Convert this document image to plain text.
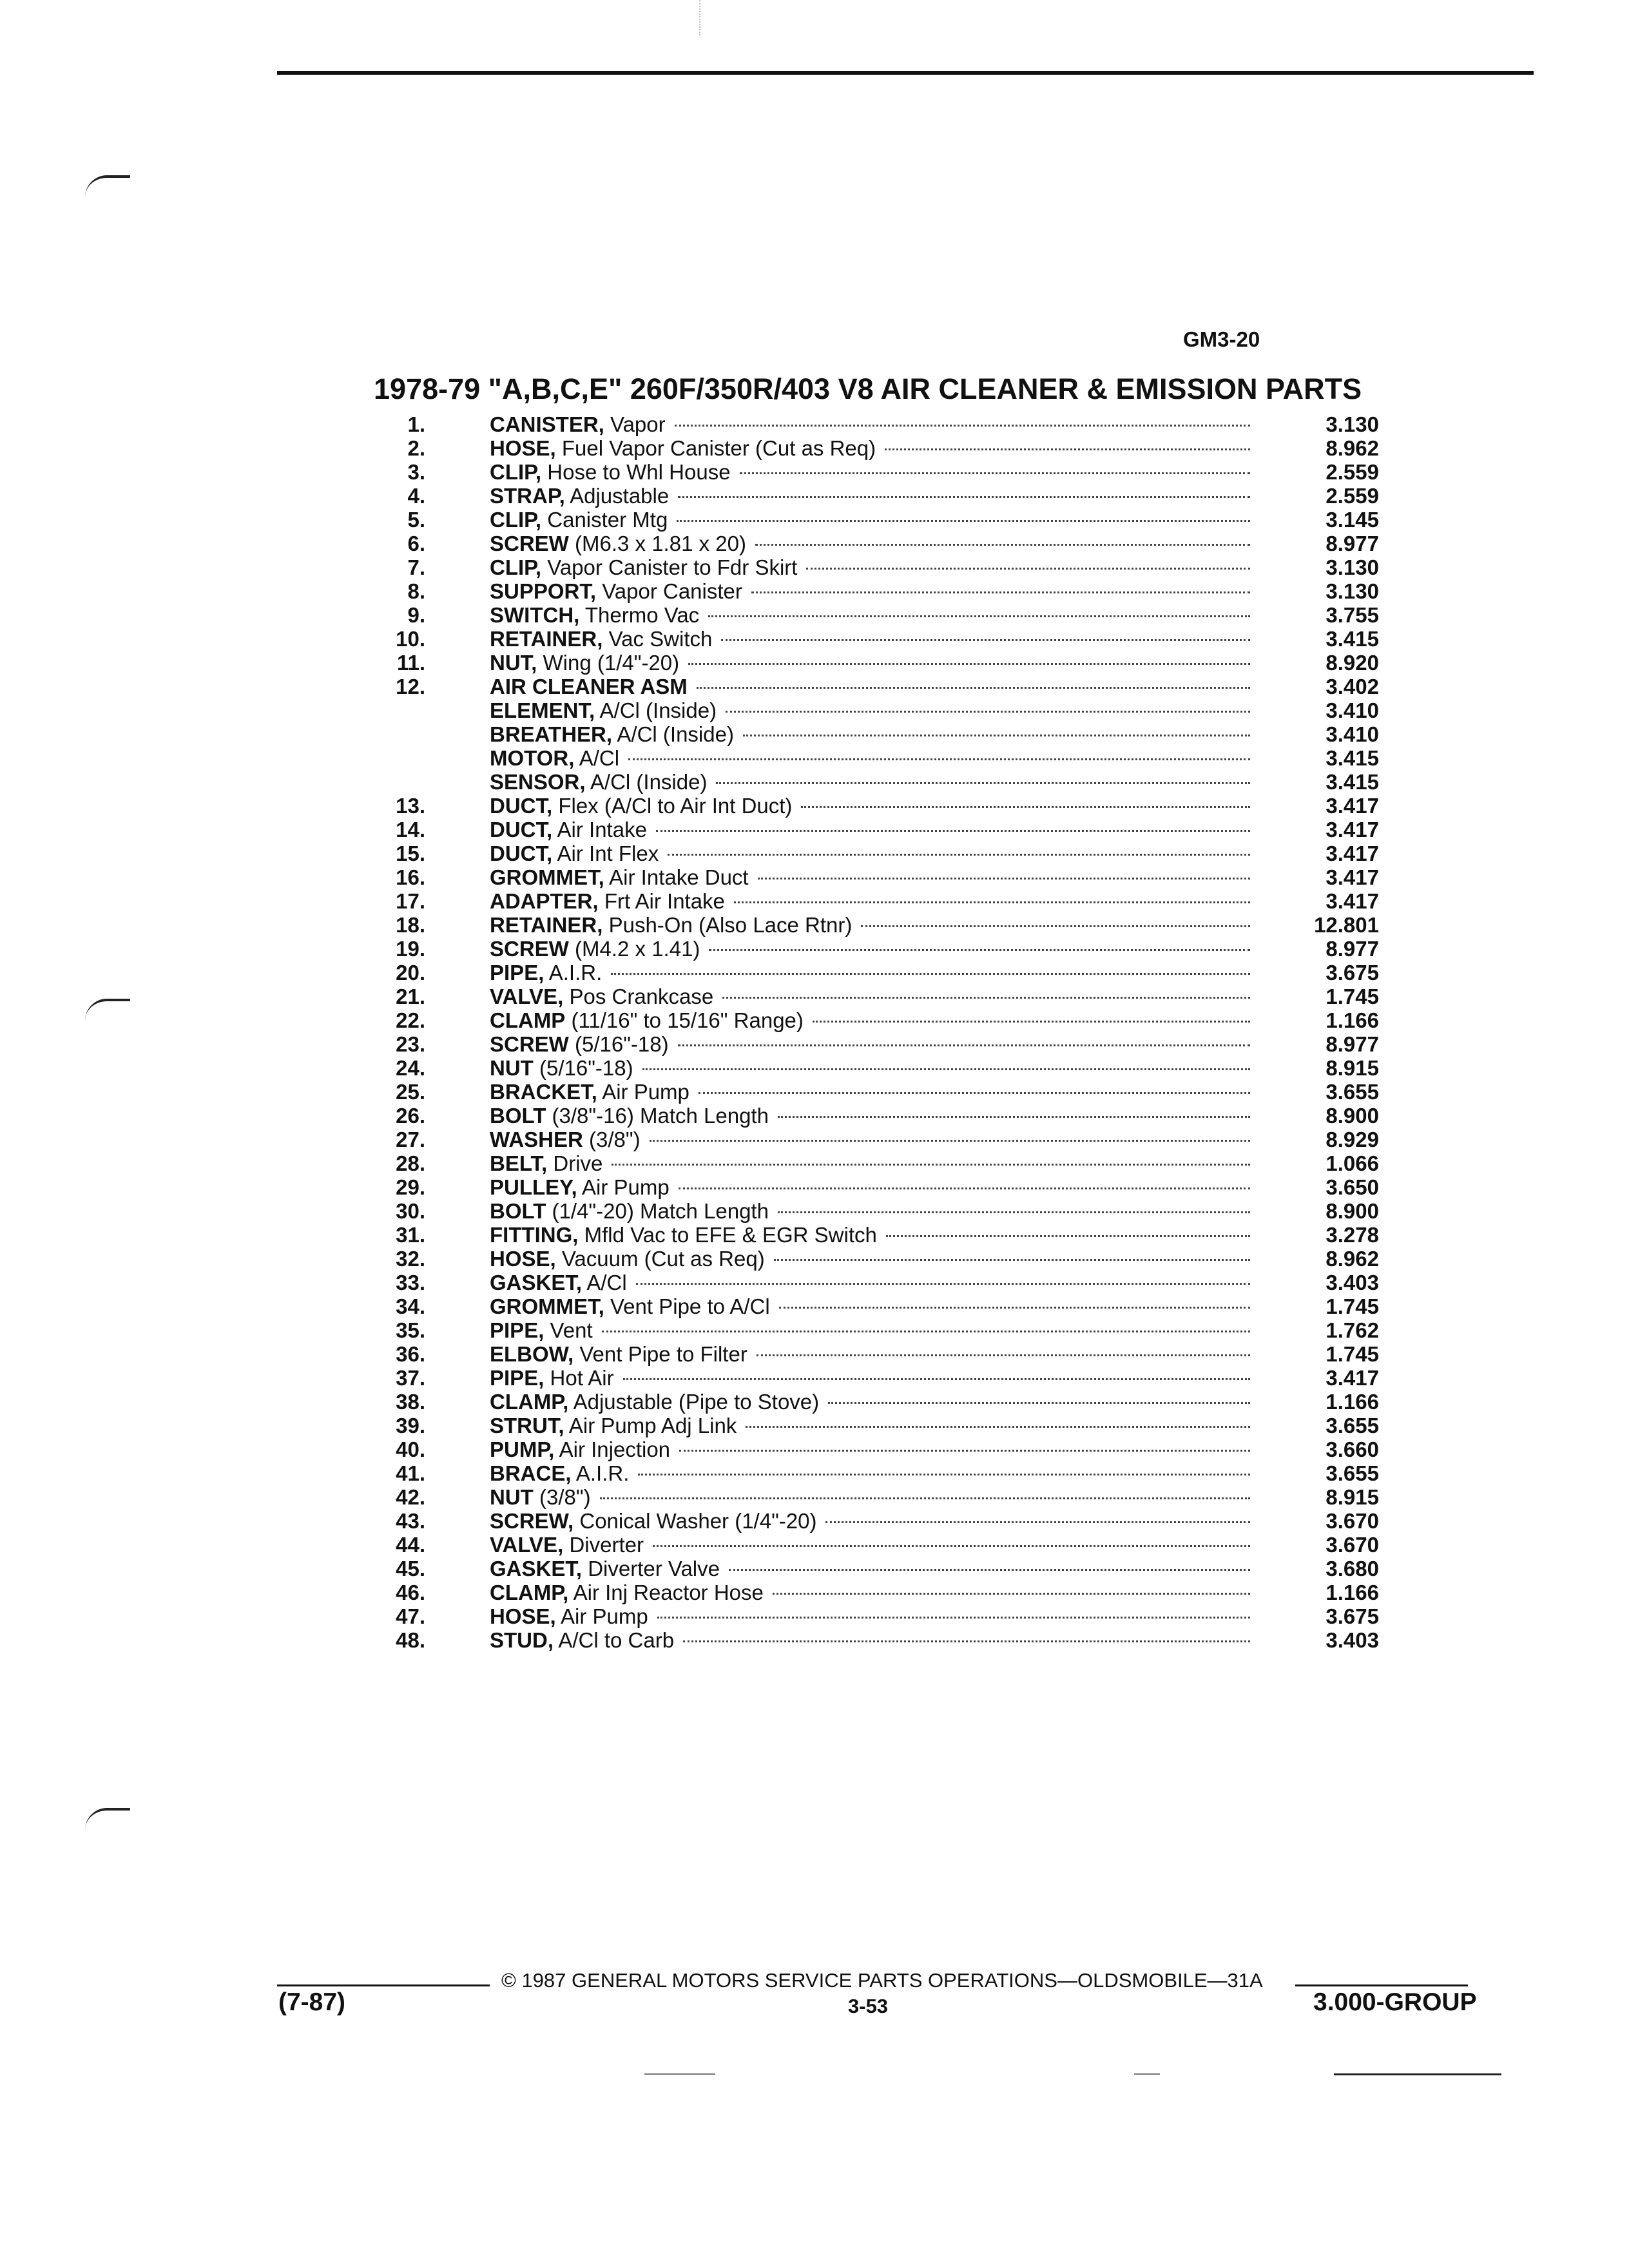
GM3-20
1978-79 "A,B,C,E" 260F/350R/403 V8 AIR CLEANER & EMISSION PARTS
1.	CANISTER, Vapor	3.130
2.	HOSE, Fuel Vapor Canister (Cut as Req)	8.962
3.	CLIP, Hose to Whl House	2.559
4.	STRAP, Adjustable	2.559
5.	CLIP, Canister Mtg	3.145
6.	SCREW (M6.3 x 1.81 x 20)	8.977
7.	CLIP, Vapor Canister to Fdr Skirt	3.130
8.	SUPPORT, Vapor Canister	3.130
9.	SWITCH, Thermo Vac	3.755
10.	RETAINER, Vac Switch	3.415
11.	NUT, Wing (1/4"-20)	8.920
12.	AIR CLEANER ASM	3.402
ELEMENT, A/Cl (Inside)	3.410
BREATHER, A/Cl (Inside)	3.410
MOTOR, A/Cl	3.415
SENSOR, A/Cl (Inside)	3.415
13.	DUCT, Flex (A/Cl to Air Int Duct)	3.417
14.	DUCT, Air Intake	3.417
15.	DUCT, Air Int Flex	3.417
16.	GROMMET, Air Intake Duct	3.417
17.	ADAPTER, Frt Air Intake	3.417
18.	RETAINER, Push-On (Also Lace Rtnr)	12.801
19.	SCREW (M4.2 x 1.41)	8.977
20.	PIPE, A.I.R.	3.675
21.	VALVE, Pos Crankcase	1.745
22.	CLAMP (11/16" to 15/16" Range)	1.166
23.	SCREW (5/16"-18)	8.977
24.	NUT (5/16"-18)	8.915
25.	BRACKET, Air Pump	3.655
26.	BOLT (3/8"-16) Match Length	8.900
27.	WASHER (3/8")	8.929
28.	BELT, Drive	1.066
29.	PULLEY, Air Pump	3.650
30.	BOLT (1/4"-20) Match Length	8.900
31.	FITTING, Mfld Vac to EFE & EGR Switch	3.278
32.	HOSE, Vacuum (Cut as Req)	8.962
33.	GASKET, A/Cl	3.403
34.	GROMMET, Vent Pipe to A/Cl	1.745
35.	PIPE, Vent	1.762
36.	ELBOW, Vent Pipe to Filter	1.745
37.	PIPE, Hot Air	3.417
38.	CLAMP, Adjustable (Pipe to Stove)	1.166
39.	STRUT, Air Pump Adj Link	3.655
40.	PUMP, Air Injection	3.660
41.	BRACE, A.I.R.	3.655
42.	NUT (3/8")	8.915
43.	SCREW, Conical Washer (1/4"-20)	3.670
44.	VALVE, Diverter	3.670
45.	GASKET, Diverter Valve	3.680
46.	CLAMP, Air Inj Reactor Hose	1.166
47.	HOSE, Air Pump	3.675
48.	STUD, A/Cl to Carb	3.403
© 1987 GENERAL MOTORS SERVICE PARTS OPERATIONS—OLDSMOBILE—31A
(7-87)	3-53	3.000-GROUP
